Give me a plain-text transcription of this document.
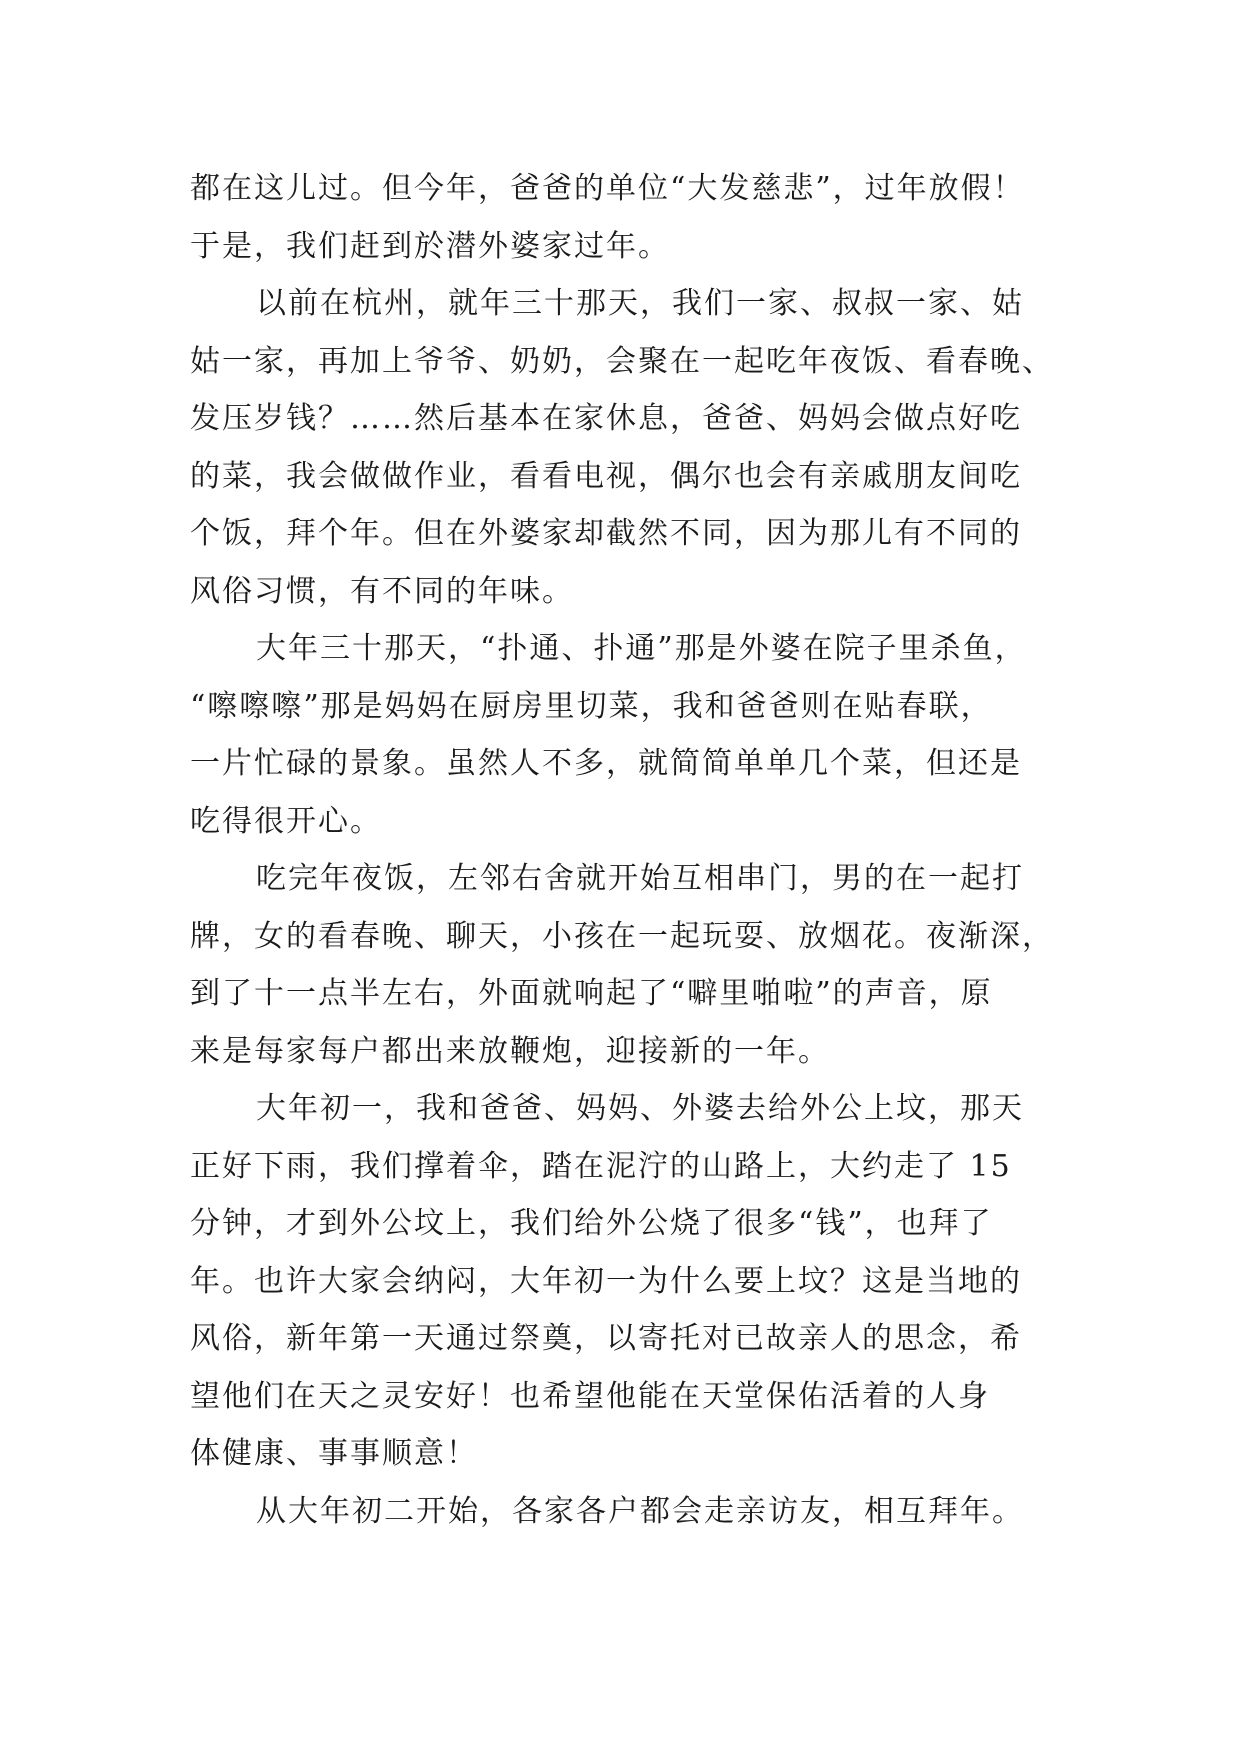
都在这儿过。但今年，爸爸的单位“大发慈悲”，过年放假！
于是，我们赶到於潜外婆家过年。
以前在杭州，就年三十那天，我们一家、叔叔一家、姑
姑一家，再加上爷爷、奶奶，会聚在一起吃年夜饭、看春晚、
发压岁钱？……然后基本在家休息，爸爸、妈妈会做点好吃
的菜，我会做做作业，看看电视，偶尔也会有亲戚朋友间吃
个饭，拜个年。但在外婆家却截然不同，因为那儿有不同的
风俗习惯，有不同的年味。
大年三十那天，“扑通、扑通”那是外婆在院子里杀鱼，
“嚓嚓嚓”那是妈妈在厨房里切菜，我和爸爸则在贴春联，
一片忙碌的景象。虽然人不多，就简简单单几个菜，但还是
吃得很开心。
吃完年夜饭，左邻右舍就开始互相串门，男的在一起打
牌，女的看春晚、聊天，小孩在一起玩耍、放烟花。夜渐深，
到了十一点半左右，外面就响起了“噼里啪啦”的声音，原
来是每家每户都出来放鞭炮，迎接新的一年。
大年初一，我和爸爸、妈妈、外婆去给外公上坟，那天
正好下雨，我们撑着伞，踏在泥泞的山路上，大约走了 15
分钟，才到外公坟上，我们给外公烧了很多“钱”，也拜了
年。也许大家会纳闷，大年初一为什么要上坟？这是当地的
风俗，新年第一天通过祭奠，以寄托对已故亲人的思念，希
望他们在天之灵安好！也希望他能在天堂保佑活着的人身
体健康、事事顺意！
从大年初二开始，各家各户都会走亲访友，相互拜年。
